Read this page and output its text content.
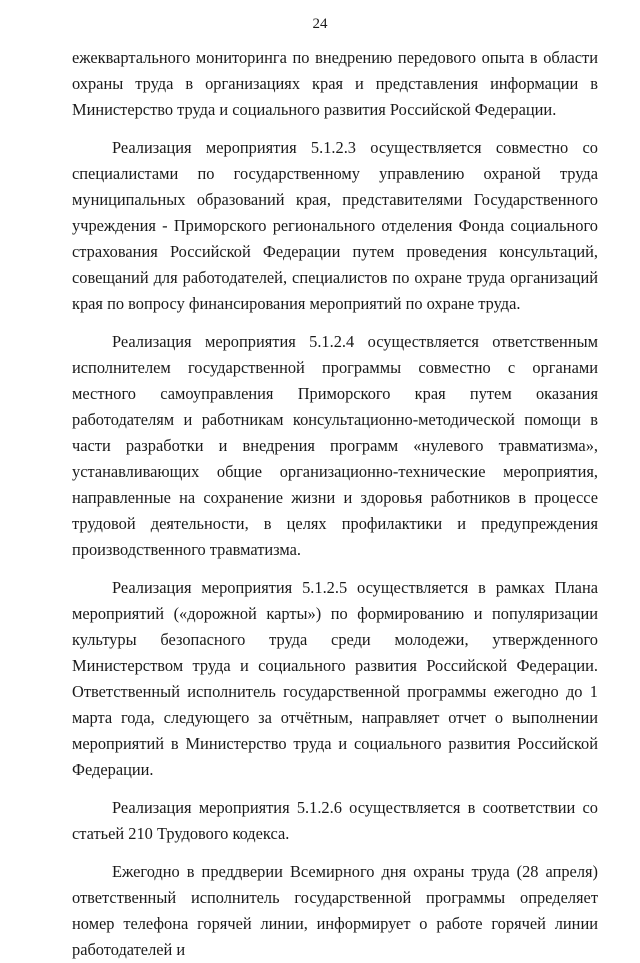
24

ежеквартального мониторинга по внедрению передового опыта в области охраны труда в организациях края и представления информации в Министерство труда и социального развития Российской Федерации.

Реализация мероприятия 5.1.2.3 осуществляется совместно со специалистами по государственному управлению охраной труда муниципальных образований края, представителями Государственного учреждения - Приморского регионального отделения Фонда социального страхования Российской Федерации путем проведения консультаций, совещаний для работодателей, специалистов по охране труда организаций края по вопросу финансирования мероприятий по охране труда.

Реализация мероприятия 5.1.2.4 осуществляется ответственным исполнителем государственной программы совместно с органами местного самоуправления Приморского края путем оказания работодателям и работникам консультационно-методической помощи в части разработки и внедрения программ «нулевого травматизма», устанавливающих общие организационно-технические мероприятия, направленные на сохранение жизни и здоровья работников в процессе трудовой деятельности, в целях профилактики и предупреждения производственного травматизма.

Реализация мероприятия 5.1.2.5 осуществляется в рамках Плана мероприятий («дорожной карты») по формированию и популяризации культуры безопасного труда среди молодежи, утвержденного Министерством труда и социального развития Российской Федерации. Ответственный исполнитель государственной программы ежегодно до 1 марта года, следующего за отчётным, направляет отчет о выполнении мероприятий в Министерство труда и социального развития Российской Федерации.

Реализация мероприятия 5.1.2.6 осуществляется в соответствии со статьей 210 Трудового кодекса.

Ежегодно в преддверии Всемирного дня охраны труда (28 апреля) ответственный исполнитель государственной программы определяет номер телефона горячей линии, информирует о работе горячей линии работодателей и
